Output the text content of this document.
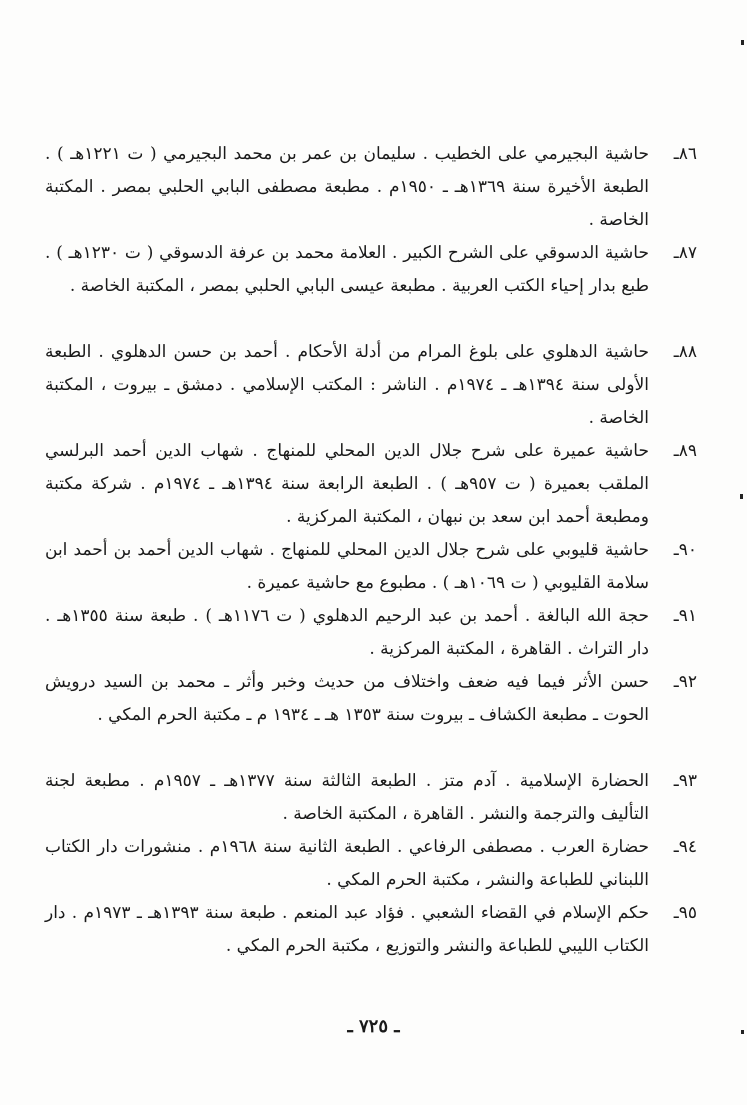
٨٦ـ
حاشية البجيرمي على الخطيب . سليمان بن عمر بن محمد البجيرمي ( ت ١٢٢١هـ ) . الطبعة الأخيرة سنة ١٣٦٩هـ ـ ١٩٥٠م . مطبعة مصطفى البابي الحلبي بمصر . المكتبة الخاصة .
٨٧ـ
حاشية الدسوقي على الشرح الكبير . العلامة محمد بن عرفة الدسوقي ( ت ١٢٣٠هـ ) . طبع بدار إحياء الكتب العربية . مطبعة عيسى البابي الحلبي بمصر ، المكتبة الخاصة .
٨٨ـ
حاشية الدهلوي على بلوغ المرام من أدلة الأحكام . أحمد بن حسن الدهلوي . الطبعة الأولى سنة ١٣٩٤هـ ـ ١٩٧٤م . الناشر : المكتب الإسلامي . دمشق ـ بيروت ، المكتبة الخاصة .
٨٩ـ
حاشية عميرة على شرح جلال الدين المحلي للمنهاج . شهاب الدين أحمد البرلسي الملقب بعميرة ( ت ٩٥٧هـ ) . الطبعة الرابعة سنة ١٣٩٤هـ ـ ١٩٧٤م . شركة مكتبة ومطبعة أحمد ابن سعد بن نبهان ، المكتبة المركزية .
٩٠ـ
حاشية قليوبي على شرح جلال الدين المحلي للمنهاج . شهاب الدين أحمد بن أحمد ابن سلامة القليوبي ( ت ١٠٦٩هـ ) . مطبوع مع حاشية عميرة .
٩١ـ
حجة الله البالغة . أحمد بن عبد الرحيم الدهلوي ( ت ١١٧٦هـ ) . طبعة سنة ١٣٥٥هـ . دار التراث . القاهرة ، المكتبة المركزية .
٩٢ـ
حسن الأثر فيما فيه ضعف واختلاف من حديث وخبر وأثر ـ محمد بن السيد درويش الحوت ـ مطبعة الكشاف ـ بيروت سنة ١٣٥٣ هـ ـ ١٩٣٤ م ـ مكتبة الحرم المكي .
٩٣ـ
الحضارة الإسلامية . آدم متز . الطبعة الثالثة سنة ١٣٧٧هـ ـ ١٩٥٧م . مطبعة لجنة التأليف والترجمة والنشر . القاهرة ، المكتبة الخاصة .
٩٤ـ
حضارة العرب . مصطفى الرفاعي . الطبعة الثانية سنة ١٩٦٨م . منشورات دار الكتاب اللبناني للطباعة والنشر ، مكتبة الحرم المكي .
٩٥ـ
حكم الإسلام في القضاء الشعبي . فؤاد عبد المنعم . طبعة سنة ١٣٩٣هـ ـ ١٩٧٣م . دار الكتاب الليبي للطباعة والنشر والتوزيع ، مكتبة الحرم المكي .
ـ ٧٢٥ ـ
